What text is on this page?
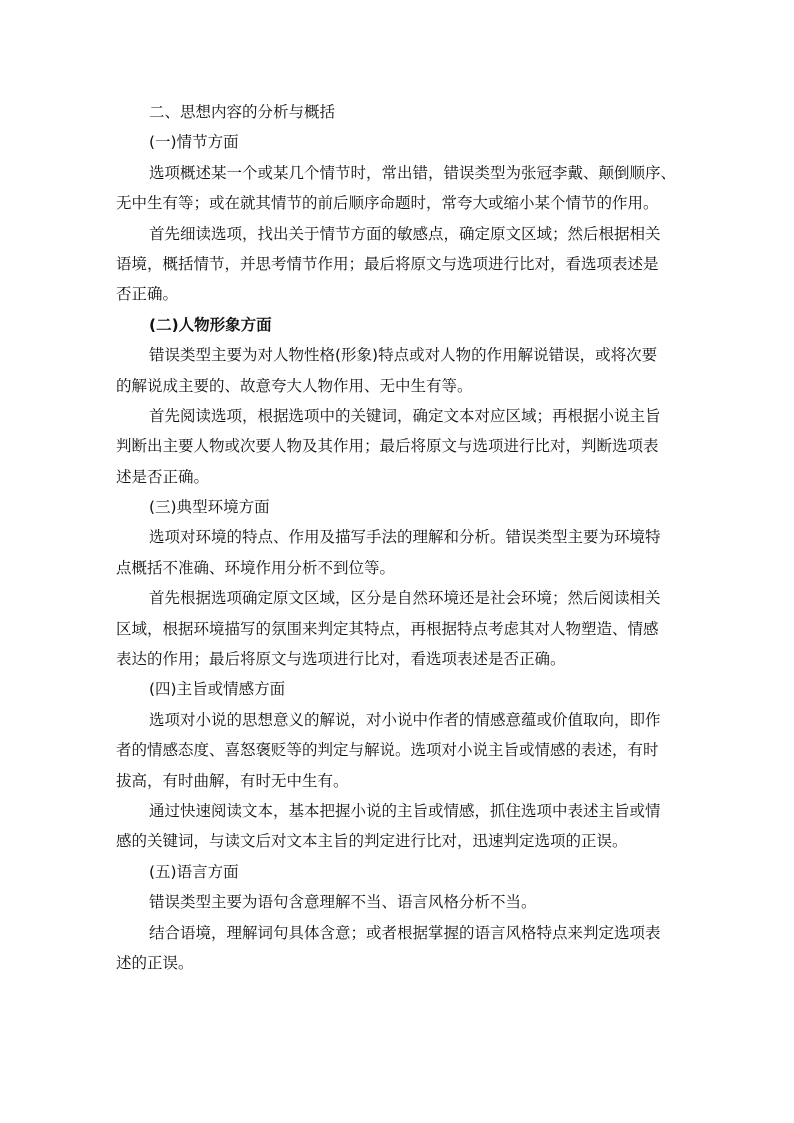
二、思想内容的分析与概括

(一)情节方面

选项概述某一个或某几个情节时，常出错，错误类型为张冠李戴、颠倒顺序、

无中生有等；或在就其情节的前后顺序命题时，常夸大或缩小某个情节的作用。

首先细读选项，找出关于情节方面的敏感点，确定原文区域；然后根据相关

语境，概括情节，并思考情节作用；最后将原文与选项进行比对，看选项表述是

否正确。

(二)人物形象方面

错误类型主要为对人物性格(形象)特点或对人物的作用解说错误，或将次要

的解说成主要的、故意夸大人物作用、无中生有等。

首先阅读选项，根据选项中的关键词，确定文本对应区域；再根据小说主旨

判断出主要人物或次要人物及其作用；最后将原文与选项进行比对，判断选项表

述是否正确。

(三)典型环境方面

选项对环境的特点、作用及描写手法的理解和分析。错误类型主要为环境特

点概括不准确、环境作用分析不到位等。

首先根据选项确定原文区域，区分是自然环境还是社会环境；然后阅读相关

区域，根据环境描写的氛围来判定其特点，再根据特点考虑其对人物塑造、情感

表达的作用；最后将原文与选项进行比对，看选项表述是否正确。

(四)主旨或情感方面

选项对小说的思想意义的解说，对小说中作者的情感意蕴或价值取向，即作

者的情感态度、喜怒褒贬等的判定与解说。选项对小说主旨或情感的表述，有时

拔高，有时曲解，有时无中生有。

通过快速阅读文本，基本把握小说的主旨或情感，抓住选项中表述主旨或情

感的关键词，与读文后对文本主旨的判定进行比对，迅速判定选项的正误。

(五)语言方面

错误类型主要为语句含意理解不当、语言风格分析不当。

结合语境，理解词句具体含意；或者根据掌握的语言风格特点来判定选项表

述的正误。
